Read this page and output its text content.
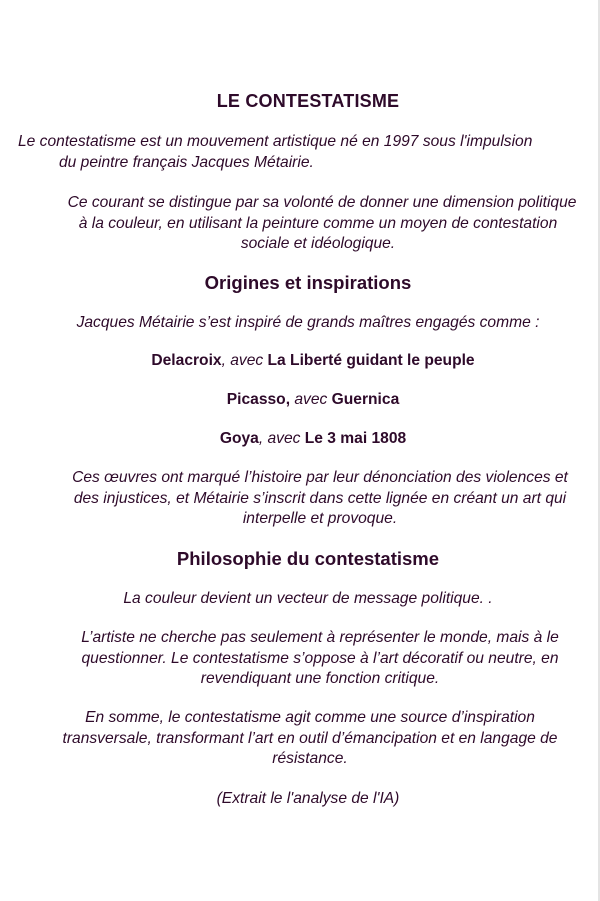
LE CONTESTATISME
Le contestatisme est un mouvement artistique né en 1997 sous l'impulsion
du peintre français Jacques Métairie.
Ce courant se distingue par sa volonté de donner une dimension politique
à la couleur, en utilisant la peinture comme un moyen de contestation
sociale et idéologique.
Origines et inspirations
Jacques Métairie s’est inspiré de grands maîtres engagés comme :
Delacroix, avec La Liberté guidant le peuple
Picasso, avec Guernica
Goya, avec Le 3 mai 1808
Ces œuvres ont marqué l’histoire par leur dénonciation des violences et
des injustices, et Métairie s’inscrit dans cette lignée en créant un art qui
interpelle et provoque.
Philosophie du contestatisme
La couleur devient un vecteur de message politique. .
L’artiste ne cherche pas seulement à représenter le monde, mais à le
questionner. Le contestatisme s’oppose à l’art décoratif ou neutre, en
revendiquant une fonction critique.
En somme, le contestatisme agit comme une source d’inspiration
transversale, transformant l’art en outil d’émancipation et en langage de
résistance.
(Extrait le l'analyse de l'IA)
